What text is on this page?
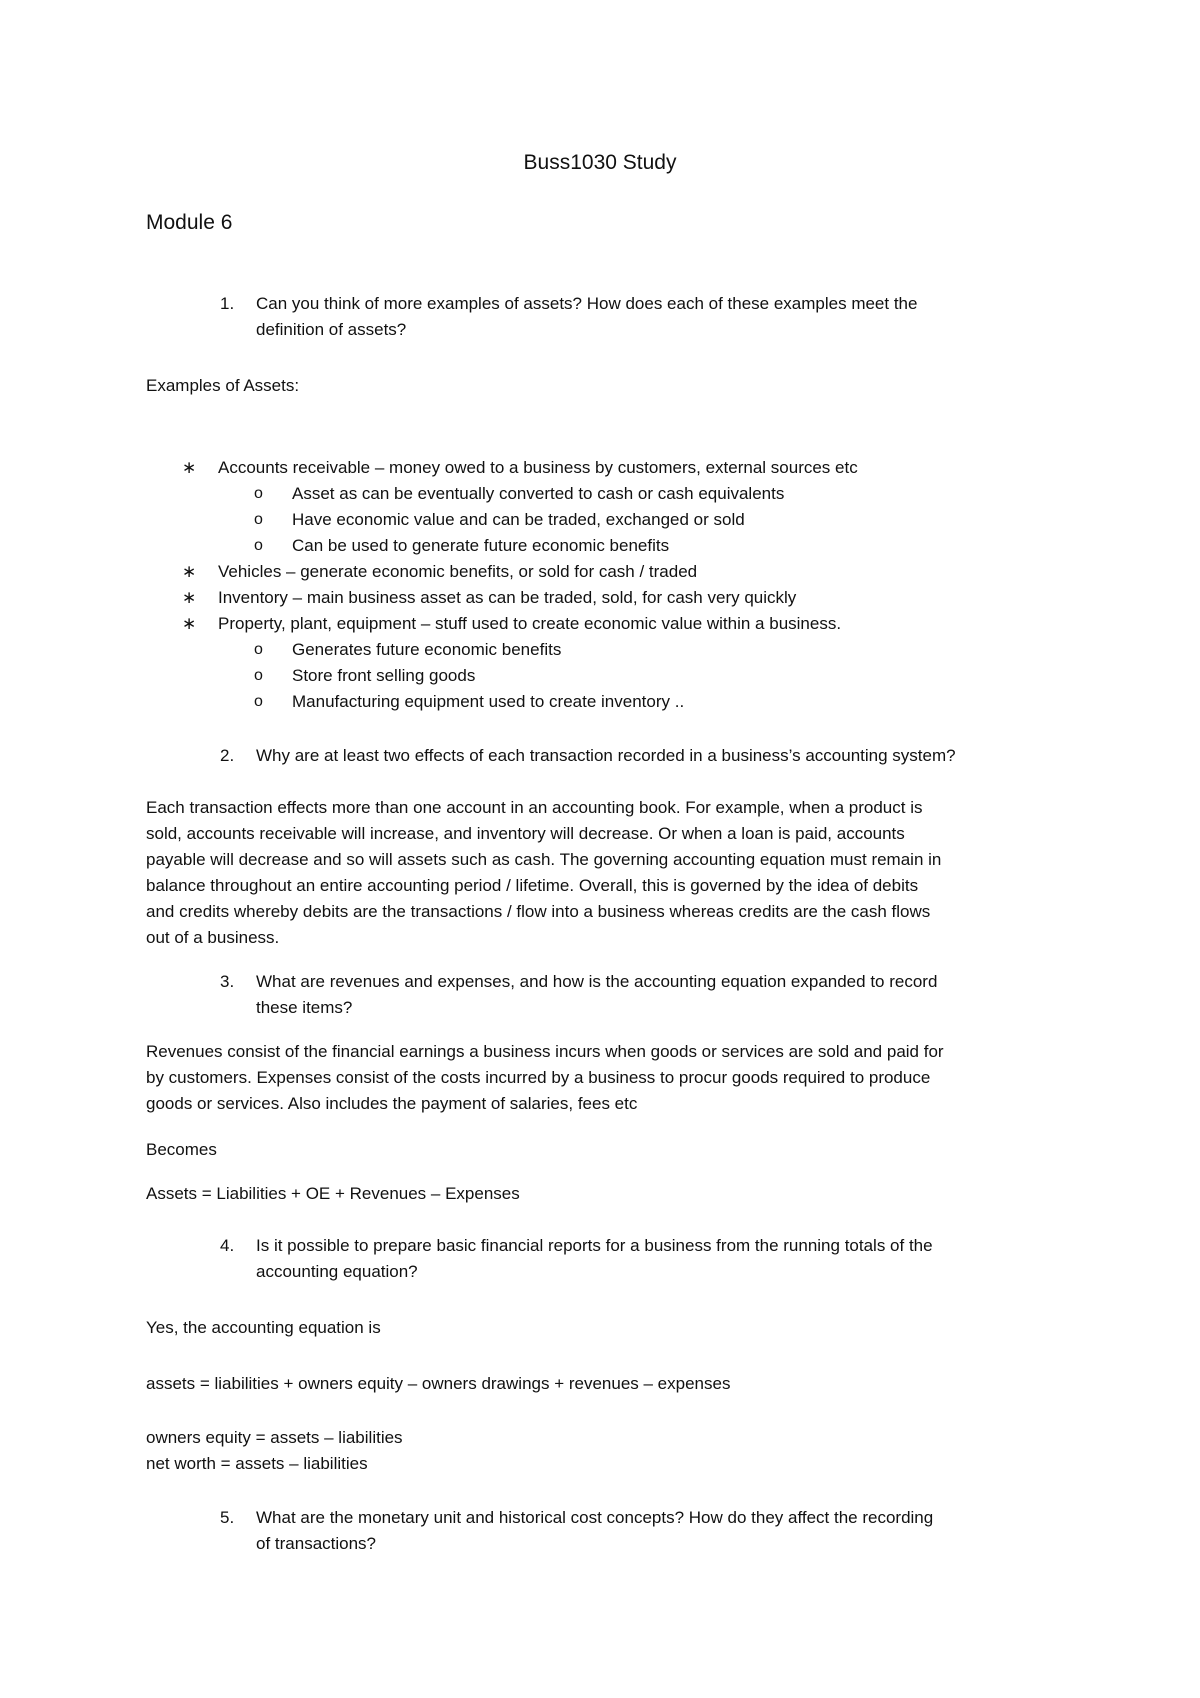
Buss1030 Study

Module 6

1. Can you think of more examples of assets? How does each of these examples meet the
definition of assets?
Examples of Assets:
∗ Accounts receivable – money owed to a business by customers, external sources etc
o Asset as can be eventually converted to cash or cash equivalents
o Have economic value and can be traded, exchanged or sold
o Can be used to generate future economic benefits
∗ Vehicles – generate economic benefits, or sold for cash / traded
∗ Inventory – main business asset as can be traded, sold, for cash very quickly
∗ Property, plant, equipment – stuff used to create economic value within a business.
o Generates future economic benefits
o Store front selling goods
o Manufacturing equipment used to create inventory ..
2. Why are at least two effects of each transaction recorded in a business’s accounting system?
Each transaction effects more than one account in an accounting book. For example, when a product is
sold, accounts receivable will increase, and inventory will decrease. Or when a loan is paid, accounts
payable will decrease and so will assets such as cash. The governing accounting equation must remain in
balance throughout an entire accounting period / lifetime. Overall, this is governed by the idea of debits
and credits whereby debits are the transactions / flow into a business whereas credits are the cash flows
out of a business.
3. What are revenues and expenses, and how is the accounting equation expanded to record
these items?
Revenues consist of the financial earnings a business incurs when goods or services are sold and paid for
by customers. Expenses consist of the costs incurred by a business to procur goods required to produce
goods or services. Also includes the payment of salaries, fees etc
Becomes
Assets = Liabilities + OE + Revenues – Expenses
4. Is it possible to prepare basic financial reports for a business from the running totals of the
accounting equation?
Yes, the accounting equation is
assets = liabilities + owners equity – owners drawings + revenues – expenses
owners equity = assets – liabilities
net worth = assets – liabilities
5. What are the monetary unit and historical cost concepts? How do they affect the recording
of transactions?
